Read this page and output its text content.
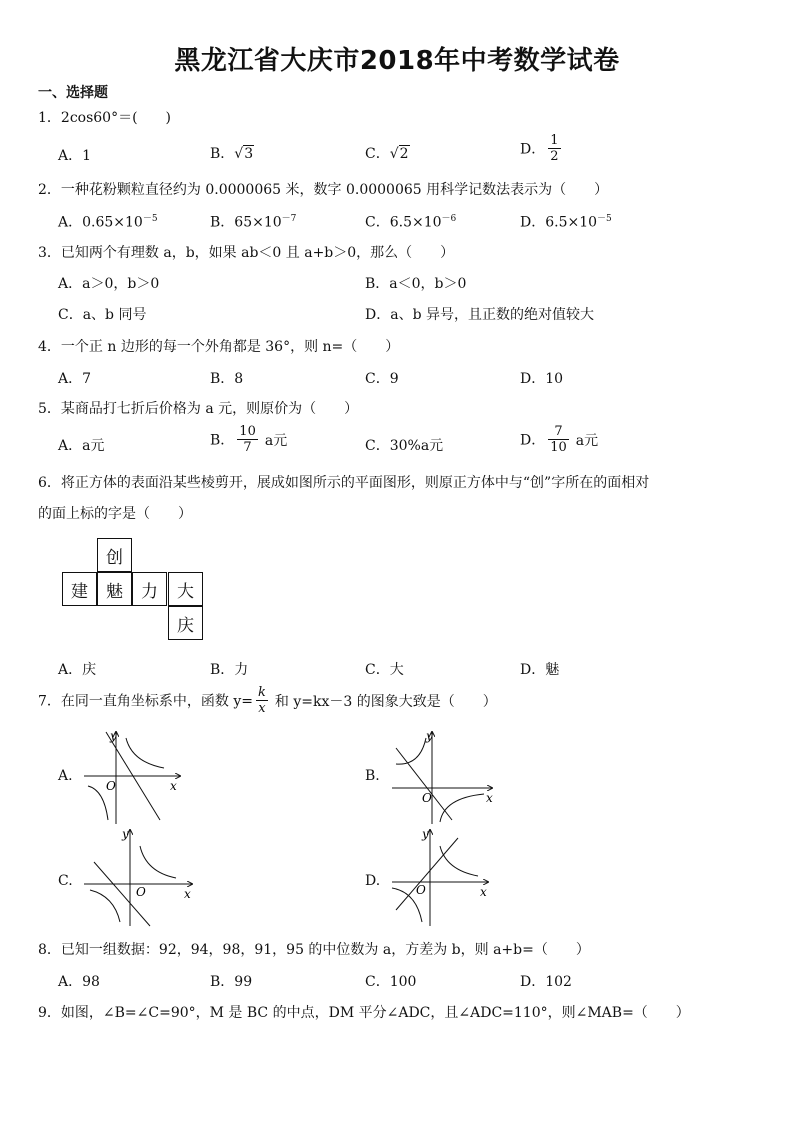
黑龙江省大庆市2018年中考数学试卷
一、选择题
1．2cos60°＝(　　)
A．1	B．√3	C．√2	D． $\frac{1}{2}$
2．一种花粉颗粒直径约为 0.0000065 米，数字 0.0000065 用科学记数法表示为（　　）
A．$0.65\times 10^{-5}$	B．$65\times 10^{-7}$	C．$6.5\times 10^{-6}$	D．$6.5\times 10^{-5}$
3．已知两个有理数 a，b，如果 ab＜0 且 a+b＞0，那么（　　）
A．a＞0，b＞0	B．a＜0，b＞0
C．a、b 同号	D．a、b 异号，且正数的绝对值较大
4．一个正 n 边形的每一个外角都是 36°，则 n=（　　）
A．7	B．8	C．9	D．10
5．某商品打七折后价格为 a 元，则原价为（　　）
A．a元	B． $\frac{10}{7}$ a元	C．30%a元	D． $\frac{7}{10}$ a元
6．将正方体的表面沿某些棱剪开，展成如图所示的平面图形，则原正方体中与“创”字所在的面相对
的面上标的字是（　　）
创
建	魅	力	大
庆
A．庆	B．力	C．大	D．魅
7．在同一直角坐标系中，函数 $y= \frac{k}{x}$ 和 y=kx－3 的图象大致是（　　）
A.	B.
C.	D.
y
x
O
y
x
O
y
x
O
y
x
O
8．已知一组数据：92，94，98，91，95 的中位数为 a，方差为 b，则 a+b=（　　）
A．98	B．99	C．100	D．102
9．如图，∠B=∠C=90°，M 是 BC 的中点，DM 平分∠ADC，且∠ADC=110°，则∠MAB=（　　）
